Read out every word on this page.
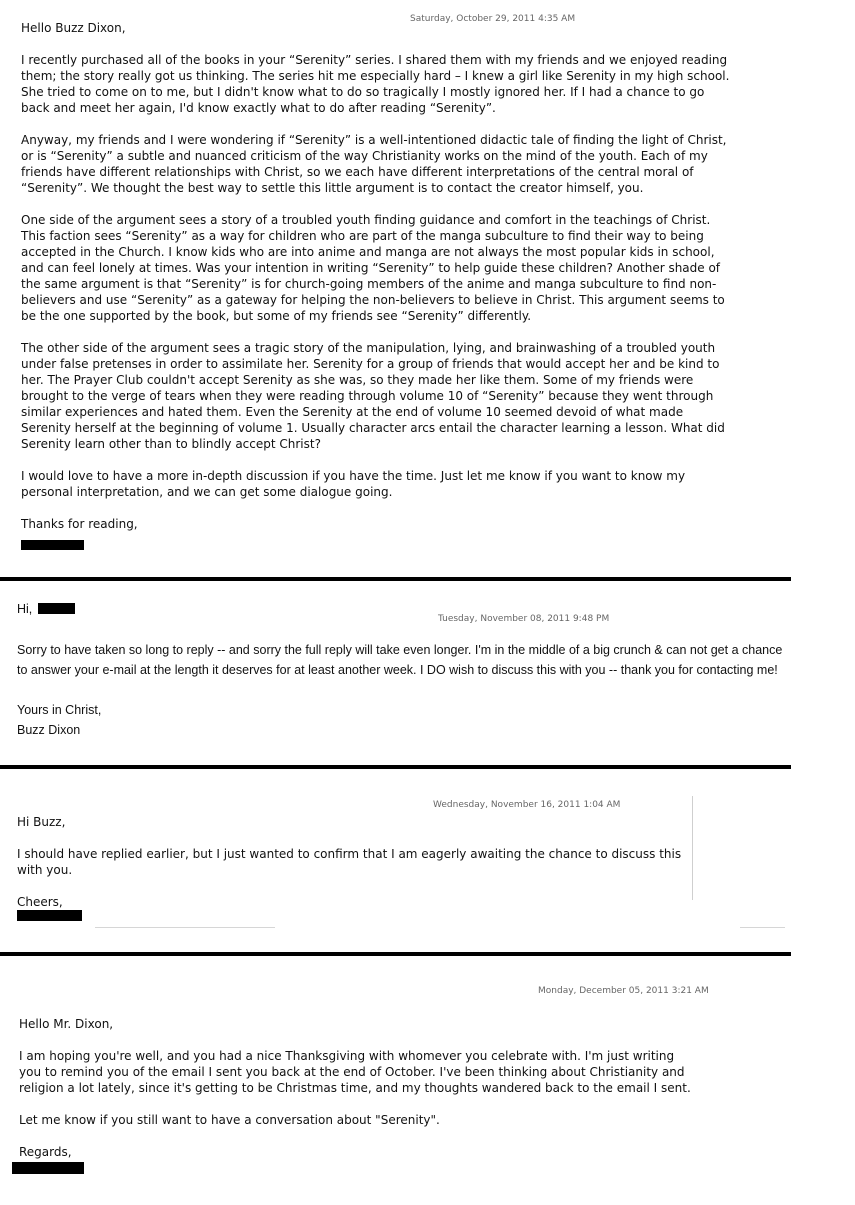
Saturday, October 29, 2011 4:35 AM
Hello Buzz Dixon,

I recently purchased all of the books in your “Serenity” series. I shared them with my friends and we enjoyed reading them; the story really got us thinking. The series hit me especially hard – I knew a girl like Serenity in my high school. She tried to come on to me, but I didn't know what to do so tragically I mostly ignored her. If I had a chance to go back and meet her again, I'd know exactly what to do after reading “Serenity”.

Anyway, my friends and I were wondering if “Serenity” is a well-intentioned didactic tale of finding the light of Christ, or is “Serenity” a subtle and nuanced criticism of the way Christianity works on the mind of the youth. Each of my friends have different relationships with Christ, so we each have different interpretations of the central moral of “Serenity”. We thought the best way to settle this little argument is to contact the creator himself, you.

One side of the argument sees a story of a troubled youth finding guidance and comfort in the teachings of Christ. This faction sees “Serenity” as a way for children who are part of the manga subculture to find their way to being accepted in the Church. I know kids who are into anime and manga are not always the most popular kids in school, and can feel lonely at times. Was your intention in writing “Serenity” to help guide these children? Another shade of the same argument is that “Serenity” is for church-going members of the anime and manga subculture to find non-believers and use “Serenity” as a gateway for helping the non-believers to believe in Christ. This argument seems to be the one supported by the book, but some of my friends see “Serenity” differently.

The other side of the argument sees a tragic story of the manipulation, lying, and brainwashing of a troubled youth under false pretenses in order to assimilate her. Serenity for a group of friends that would accept her and be kind to her. The Prayer Club couldn't accept Serenity as she was, so they made her like them. Some of my friends were brought to the verge of tears when they were reading through volume 10 of “Serenity” because they went through similar experiences and hated them. Even the Serenity at the end of volume 10 seemed devoid of what made Serenity herself at the beginning of volume 1. Usually character arcs entail the character learning a lesson. What did Serenity learn other than to blindly accept Christ?

I would love to have a more in-depth discussion if you have the time. Just let me know if you want to know my personal interpretation, and we can get some dialogue going.

Thanks for reading,

Hi,
Tuesday, November 08, 2011 9:48 PM

Sorry to have taken so long to reply -- and sorry the full reply will take even longer. I'm in the middle of a big crunch & can not get a chance to answer your e-mail at the length it deserves for at least another week. I DO wish to discuss this with you -- thank you for contacting me!

Yours in Christ,

Buzz Dixon

Wednesday, November 16, 2011 1:04 AM
Hi Buzz,

I should have replied earlier, but I just wanted to confirm that I am eagerly awaiting the chance to discuss this with you.

Cheers,

Monday, December 05, 2011 3:21 AM
Hello Mr. Dixon,

I am hoping you're well, and you had a nice Thanksgiving with whomever you celebrate with. I'm just writing you to remind you of the email I sent you back at the end of October. I've been thinking about Christianity and religion a lot lately, since it's getting to be Christmas time, and my thoughts wandered back to the email I sent.

Let me know if you still want to have a conversation about "Serenity".

Regards,
